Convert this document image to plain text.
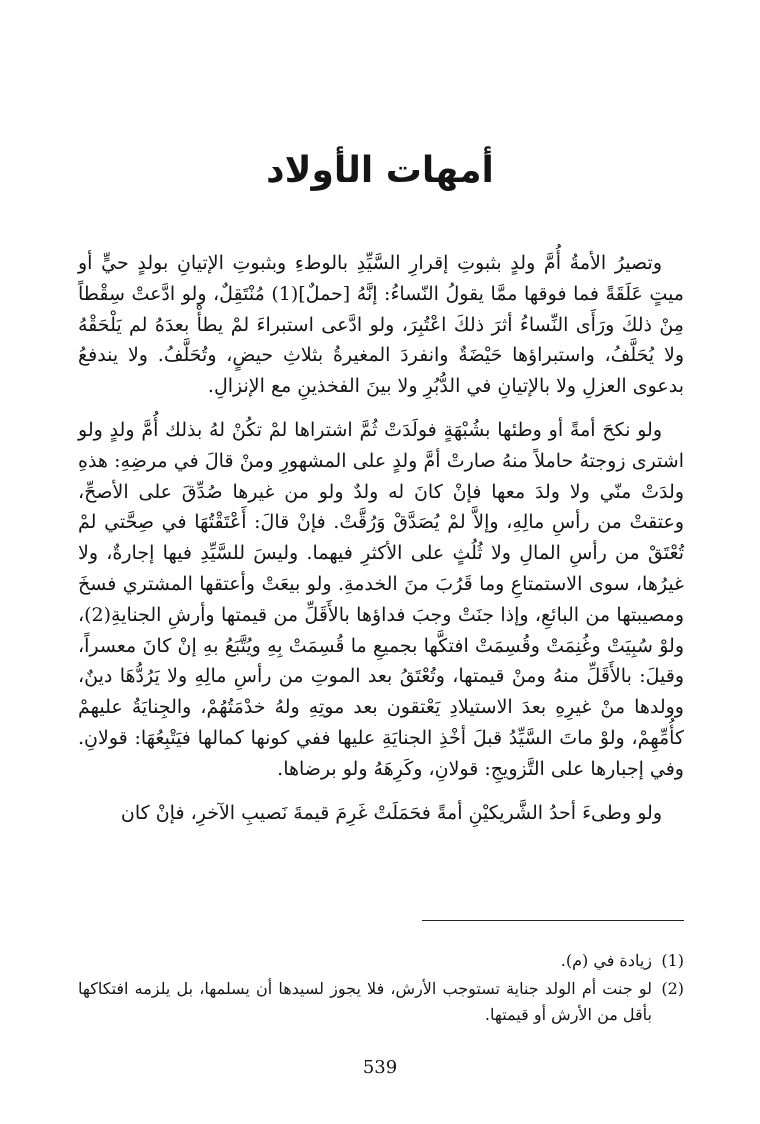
أمهات الأولاد

وتصيرُ الأمةُ أُمَّ ولدٍ بثبوتِ إقرارِ السَّيِّدِ بالوطءِ وبثبوتِ الإتيانِ بولدٍ حيٍّ أو ميتٍ عَلَقَةً فما فوقها ممَّا يقولُ النّساءُ: إنَّهُ [حملٌ](1) مُنْتَقِلٌ، ولو ادَّعتْ سِقْطاً مِنْ ذلكَ ورَأَى النِّساءُ أثرَ ذلكَ اعْتُبِرَ، ولو ادَّعى استبراءَ لمْ يطأْ بعدَهُ لم يَلْحَقْهُ ولا يُحَلَّفُ، واستبراؤها حَيْضَةٌ وانفردَ المغيرةُ بثلاثِ حيضٍ، وتُحَلَّفُ. ولا يندفعُ بدعوى العزلِ ولا بالإتيانِ في الدُّبُرِ ولا بينَ الفخذينِ مع الإنزالِ.

ولو نكحَ أمةً أو وطئها بشُبْهَةٍ فولَدَتْ ثُمَّ اشتراها لمْ تكُنْ لهُ بذلك أُمَّ ولدٍ ولو اشترى زوجتهُ حاملاً منهُ صارتْ أمَّ ولدٍ على المشهورِ ومنْ قالَ في مرضِهِ: هذهِ ولدَتْ منّي ولا ولدَ معها فإنْ كانَ له ولدٌ ولو من غيرها صُدِّقَ على الأصحِّ، وعتقتْ من رأسِ مالِهِ، وإلاَّ لمْ يُصَدَّقْ وَرُقَّتْ. فإنْ قالَ: أَعْتَقْتُهَا في صِحَّتي لمْ تُعْتَقْ من رأسِ المالِ ولا ثُلُثٍ على الأكثرِ فيهما. وليسَ للسَّيِّدِ فيها إجارةٌ، ولا غيرُها، سوى الاستمتاعِ وما قَرُبَ منَ الخدمةِ. ولو بيعَتْ وأعتقها المشتري فسخَ ومصيبتها من البائعِ، وإذا جنَتْ وجبَ فداؤها بالأَقَلِّ من قيمتها وأرشِ الجنايةِ(2)، ولوْ سُبِيَتْ وغُنِمَتْ وقُسِمَتْ افتكَّها بجميعِ ما قُسِمَتْ بِهِ ويُتَّبَعُ بهِ إنْ كانَ معسراً، وقيلَ: بالأَقَلِّ منهُ ومنْ قيمتها، وتُعْتَقُ بعد الموتِ من رأسِ مالِهِ ولا يَرُدُّهَا دينٌ، وولدها منْ غيرِهِ بعدَ الاستيلادِ يَعْتقون بعد موتِهِ ولهُ خدْمَتُهُمْ، والجِنايَةُ عليهمْ كأُمِّهِمْ، ولوْ ماتَ السَّيِّدُ قبلَ أخْذِ الجنايَةِ عليها ففي كونها كمالها فيَتْبِعُهَا: قولانِ. وفي إجبارها على التَّزويجِ: قولانِ، وكَرِهَهُ ولو برضاها.

ولو وطىءَ أحدُ الشَّريكيْنِ أمةً فحَمَلَتْ غَرِمَ قيمةَ نَصيبِ الآخرِ، فإنْ كان

(1)
زيادة في (م).
(2)
لو جنت أم الولد جناية تستوجب الأرش، فلا يجوز لسيدها أن يسلمها، بل يلزمه افتكاكها بأقل من الأرش أو قيمتها.
539
